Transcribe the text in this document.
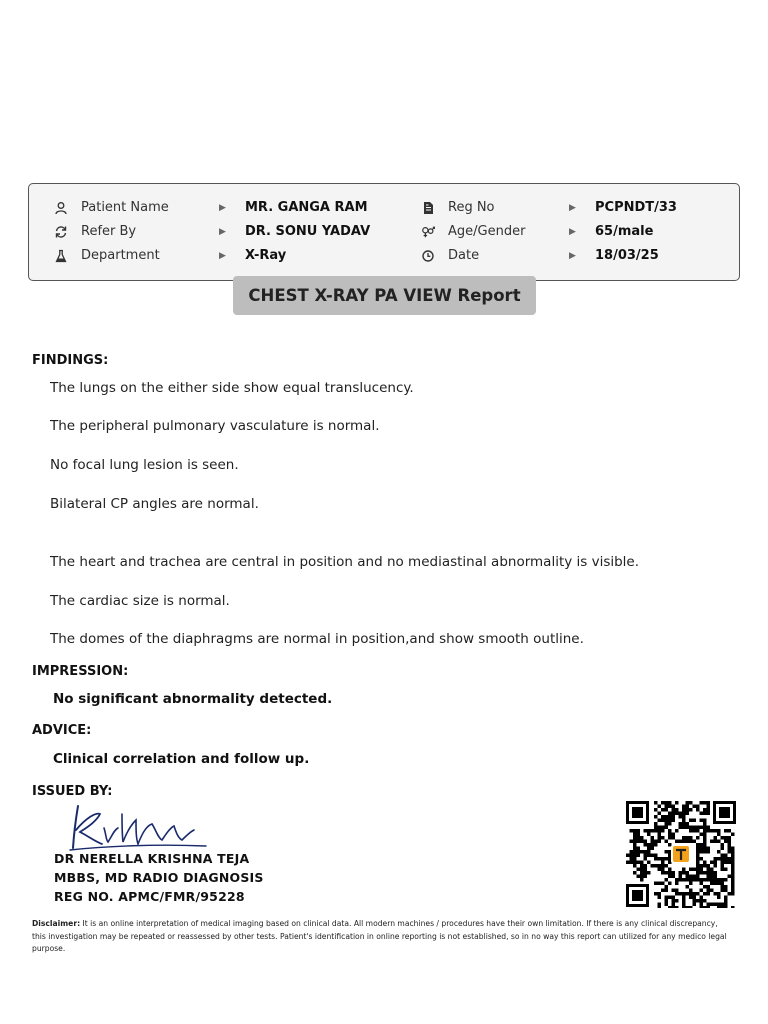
Patient Name	▶ MR. GANGA RAM	Reg No	▶ PCPNDT/33
Refer By	▶ DR. SONU YADAV	Age/Gender	▶ 65/male
Department	▶ X-Ray	Date	▶ 18/03/25
CHEST X-RAY PA VIEW Report
FINDINGS:
The lungs on the either side show equal translucency.
The peripheral pulmonary vasculature is normal.
No focal lung lesion is seen.
Bilateral CP angles are normal.
The heart and trachea are central in position and no mediastinal abnormality is visible.
The cardiac size is normal.
The domes of the diaphragms are normal in position,and show smooth outline.
IMPRESSION:
No significant abnormality detected.
ADVICE:
Clinical correlation and follow up.
ISSUED BY:
DR NERELLA KRISHNA TEJA
MBBS, MD RADIO DIAGNOSIS
REG NO. APMC/FMR/95228
Disclaimer: It is an online interpretation of medical imaging based on clinical data. All modern machines / procedures have their own limitation. If there is any clinical discrepancy, this investigation may be repeated or reassessed by other tests. Patient's identification in online reporting is not established, so in no way this report can utilized for any medico legal purpose.
